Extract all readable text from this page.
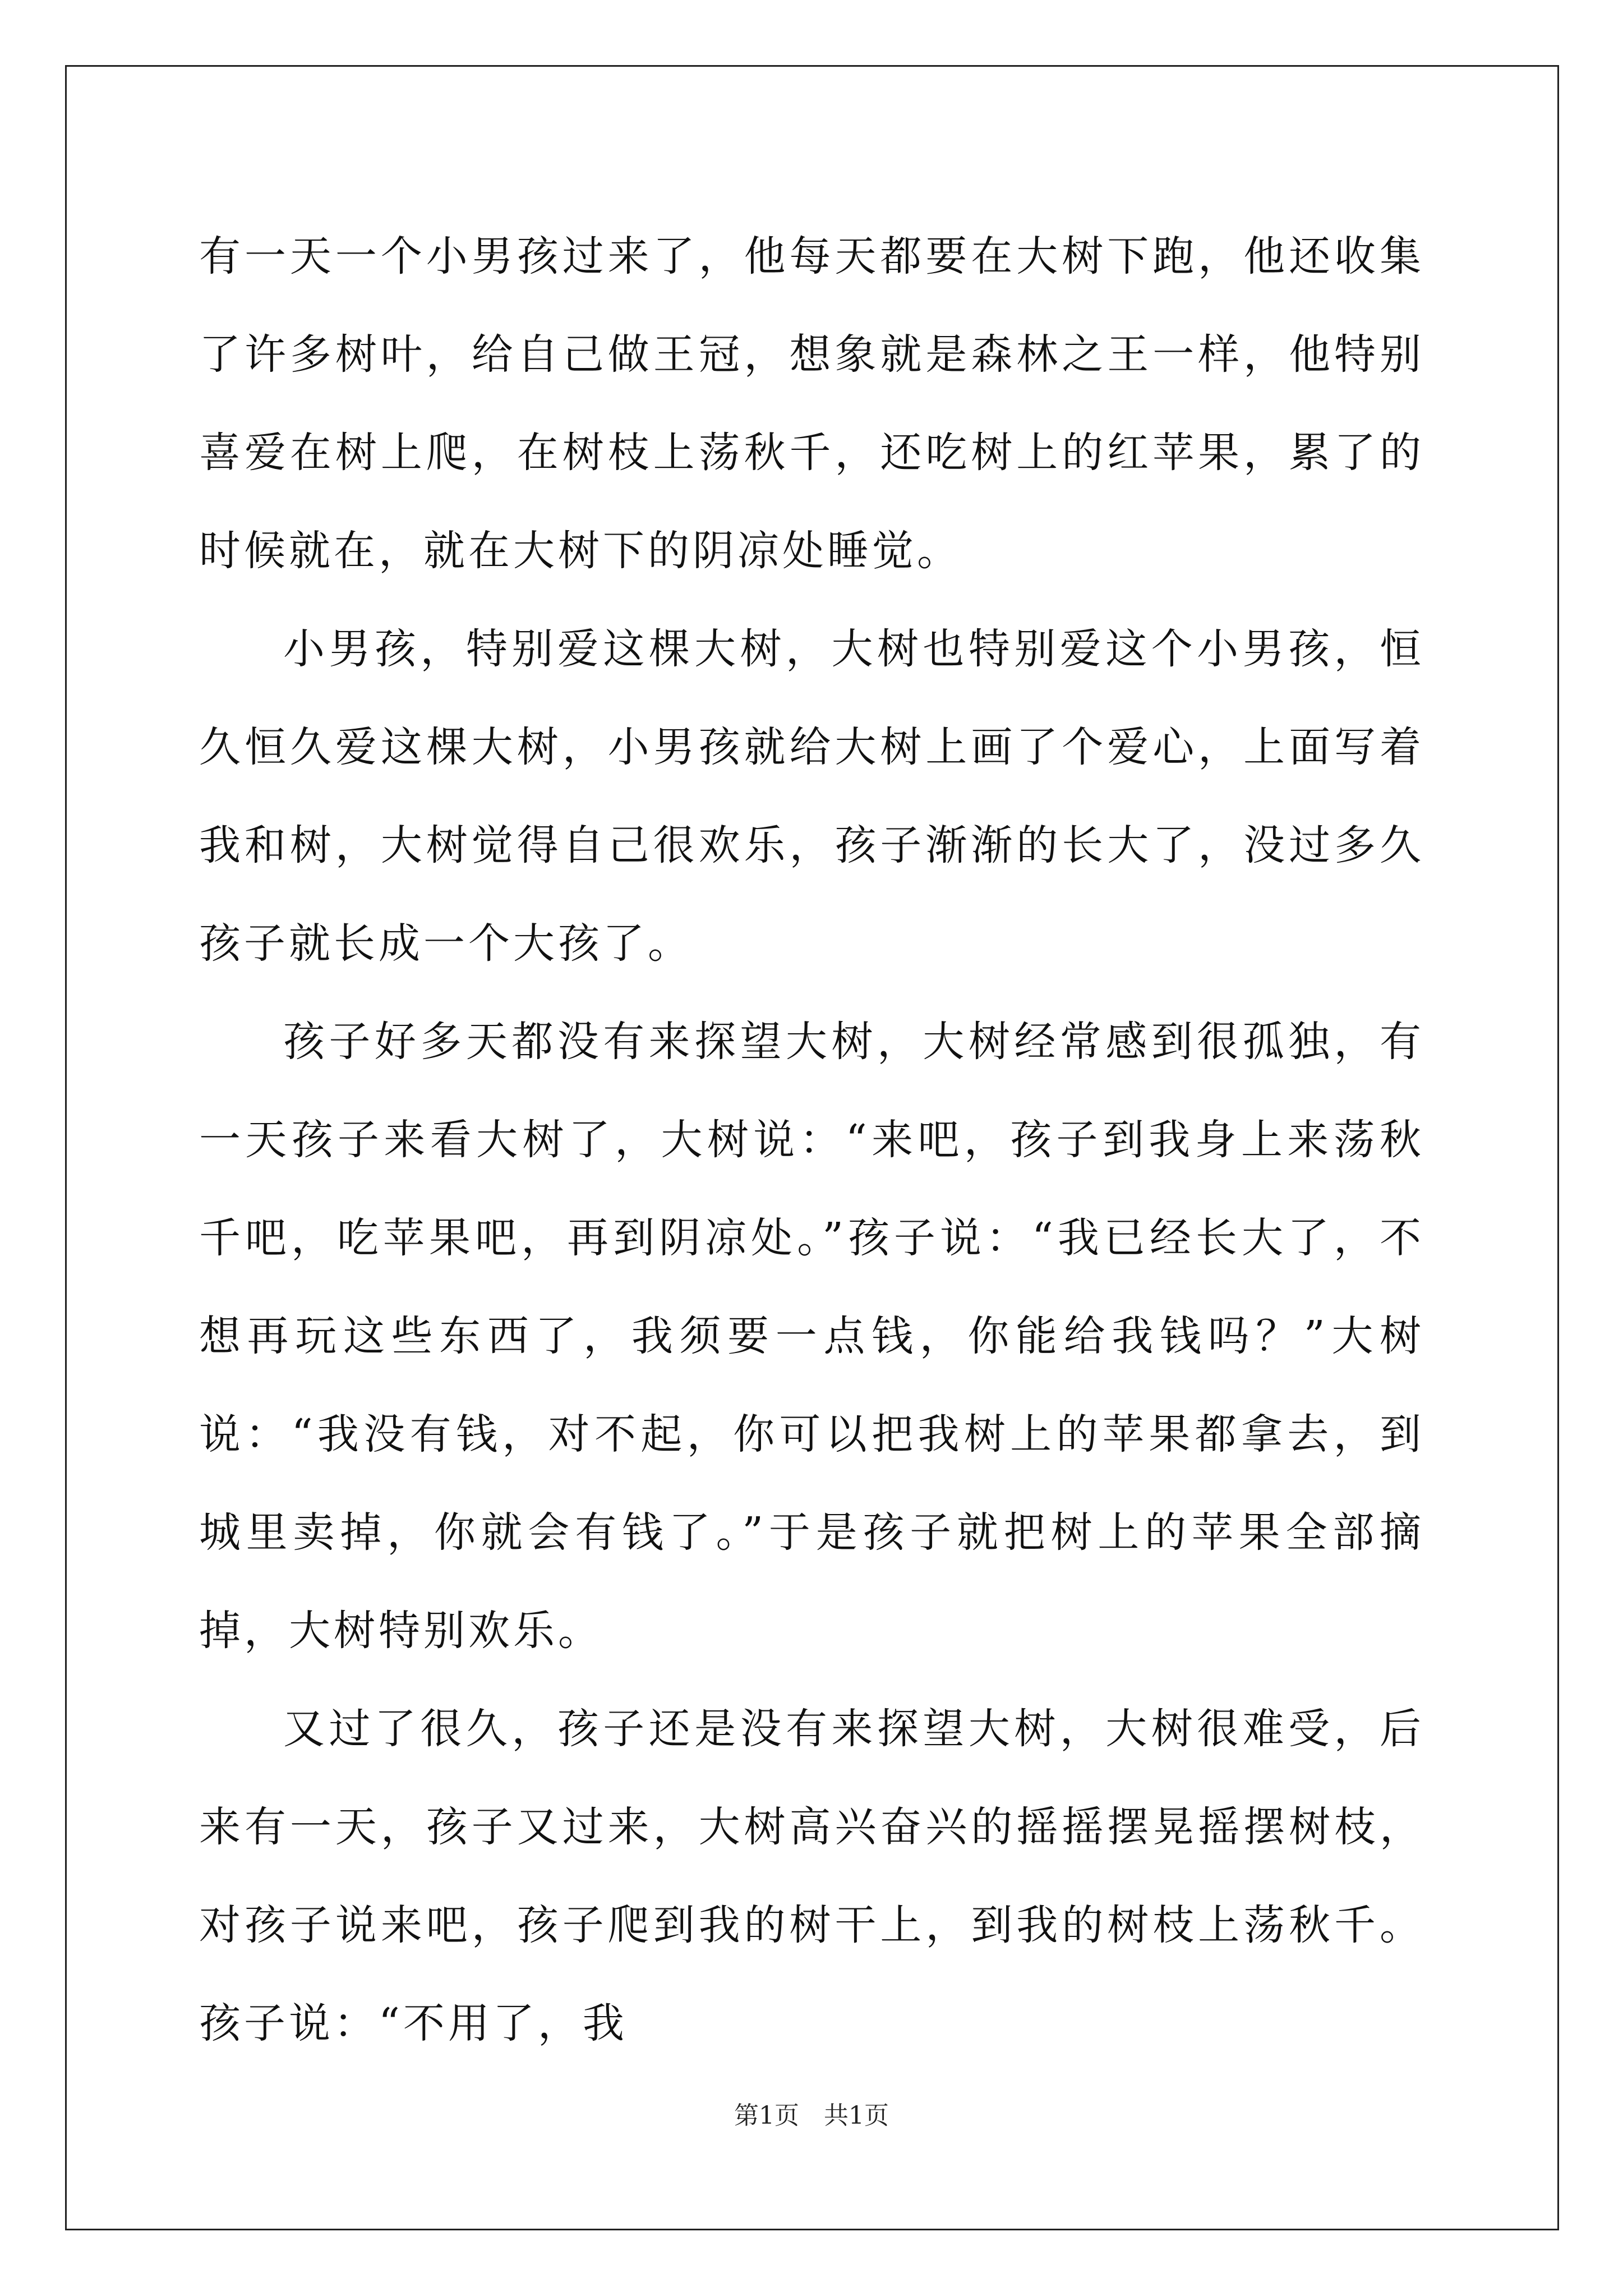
有一天一个小男孩过来了，他每天都要在大树下跑，他还收集了许多树叶，给自己做王冠，想象就是森林之王一样，他特别喜爱在树上爬，在树枝上荡秋千，还吃树上的红苹果，累了的时候就在，就在大树下的阴凉处睡觉。

小男孩，特别爱这棵大树，大树也特别爱这个小男孩，恒久恒久爱这棵大树，小男孩就给大树上画了个爱心，上面写着我和树，大树觉得自己很欢乐，孩子渐渐的长大了，没过多久孩子就长成一个大孩了。

孩子好多天都没有来探望大树，大树经常感到很孤独，有一天孩子来看大树了，大树说：“来吧，孩子到我身上来荡秋千吧，吃苹果吧，再到阴凉处。”孩子说：“我已经长大了，不想再玩这些东西了，我须要一点钱，你能给我钱吗？”大树说：“我没有钱，对不起，你可以把我树上的苹果都拿去，到城里卖掉，你就会有钱了。”于是孩子就把树上的苹果全部摘掉，大树特别欢乐。

又过了很久，孩子还是没有来探望大树，大树很难受，后来有一天，孩子又过来，大树高兴奋兴的摇摇摆晃摇摆树枝，对孩子说来吧，孩子爬到我的树干上，到我的树枝上荡秋千。孩子说：“不用了，我

第1页　共1页
